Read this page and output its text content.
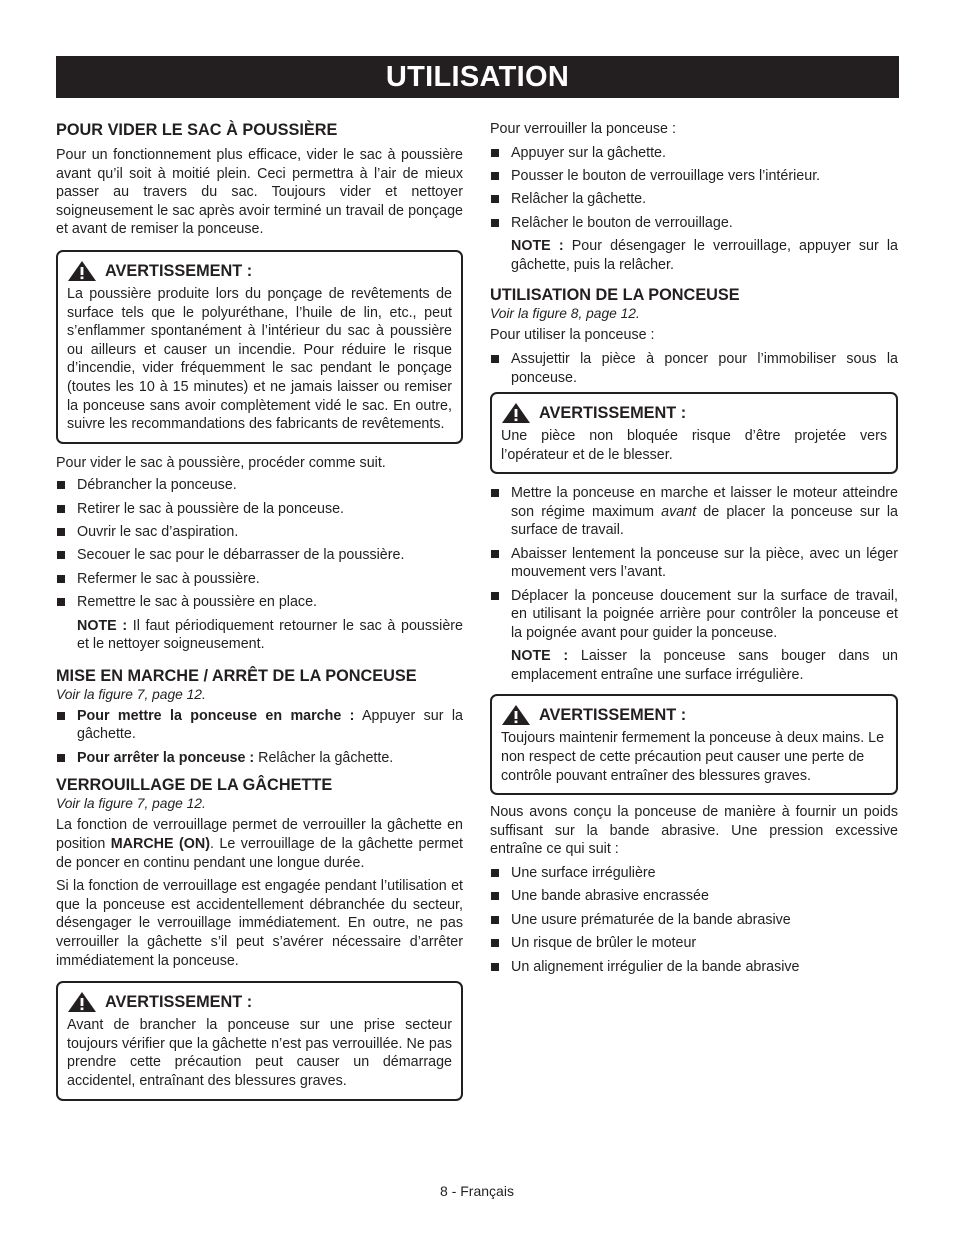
UTILISATION
POUR VIDER LE SAC À POUSSIÈRE

Pour un fonctionnement plus efficace, vider le sac à poussière avant qu’il soit à moitié plein. Ceci permettra à l’air de mieux passer au travers du sac. Toujours vider et nettoyer soigneusement le sac après avoir terminé un travail de ponçage et avant de remiser la ponceuse.

AVERTISSEMENT :

La poussière produite lors du ponçage de revêtements de surface tels que le polyuréthane, l’huile de lin, etc., peut s’enflammer spontanément à l’intérieur du sac à poussière ou ailleurs et causer un incendie. Pour réduire le risque d’incendie, vider fréquemment le sac pendant le ponçage (toutes les 10 à 15 minutes) et ne jamais laisser ou remiser la ponceuse sans avoir complètement vidé le sac. En outre, suivre les recommandations des fabricants de revêtements.

Pour vider le sac à poussière, procéder comme suit.

Débrancher la ponceuse.
Retirer le sac à poussière de la ponceuse.
Ouvrir le sac d’aspiration.
Secouer le sac pour le débarrasser de la poussière.
Refermer le sac à poussière.
Remettre le sac à poussière en place.

NOTE : Il faut périodiquement retourner le sac à poussière et le nettoyer soigneusement.

MISE EN MARCHE / ARRÊT DE LA PONCEUSE
Voir la figure 7, page 12.
Pour mettre la ponceuse en marche : Appuyer sur la gâchette.
Pour arrêter la ponceuse : Relâcher la gâchette.
VERROUILLAGE DE LA GÂCHETTE
Voir la figure 7, page 12.

La fonction de verrouillage permet de verrouiller la gâchette en position MARCHE (ON). Le verrouillage de la gâchette permet de poncer en continu pendant une longue durée.

Si la fonction de verrouillage est engagée pendant l’utilisation et que la ponceuse est accidentellement débranchée du secteur, désengager le verrouillage immédiatement. En outre, ne pas verrouiller la gâchette s’il peut s’avérer nécessaire d’arrêter immédiatement la ponceuse.

AVERTISSEMENT :

Avant de brancher la ponceuse sur une prise secteur toujours vérifier que la gâchette n’est pas verrouillée. Ne pas prendre cette précaution peut causer un démarrage accidentel, entraînant des blessures graves.

Pour verrouiller la ponceuse :

Appuyer sur la gâchette.
Pousser le bouton de verrouillage vers l’intérieur.
Relâcher la gâchette.
Relâcher le bouton de verrouillage.

NOTE : Pour désengager le verrouillage, appuyer sur la gâchette, puis la relâcher.

UTILISATION DE LA PONCEUSE
Voir la figure 8, page 12.

Pour utiliser la ponceuse :

Assujettir la pièce à poncer pour l’immobiliser sous la ponceuse.
AVERTISSEMENT :

Une pièce non bloquée risque d’être projetée vers l’opérateur et de le blesser.

Mettre la ponceuse en marche et laisser le moteur atteindre son régime maximum avant de placer la ponceuse sur la surface de travail.
Abaisser lentement la ponceuse sur la pièce, avec un léger mouvement vers l’avant.
Déplacer la ponceuse doucement sur la surface de travail, en utilisant la poignée arrière pour contrôler la ponceuse et la poignée avant pour guider la ponceuse.

NOTE : Laisser la ponceuse sans bouger dans un emplacement entraîne une surface irrégulière.

AVERTISSEMENT :

Toujours maintenir fermement la ponceuse à deux mains. Le non respect de cette précaution peut causer une perte de contrôle pouvant entraîner des blessures graves.

Nous avons conçu la ponceuse de manière à fournir un poids suffisant sur la bande abrasive. Une pression excessive entraîne ce qui suit :

Une surface irrégulière
Une bande abrasive encrassée
Une usure prématurée de la bande abrasive
Un risque de brûler le moteur
Un alignement irrégulier de la bande abrasive
8 - Français
